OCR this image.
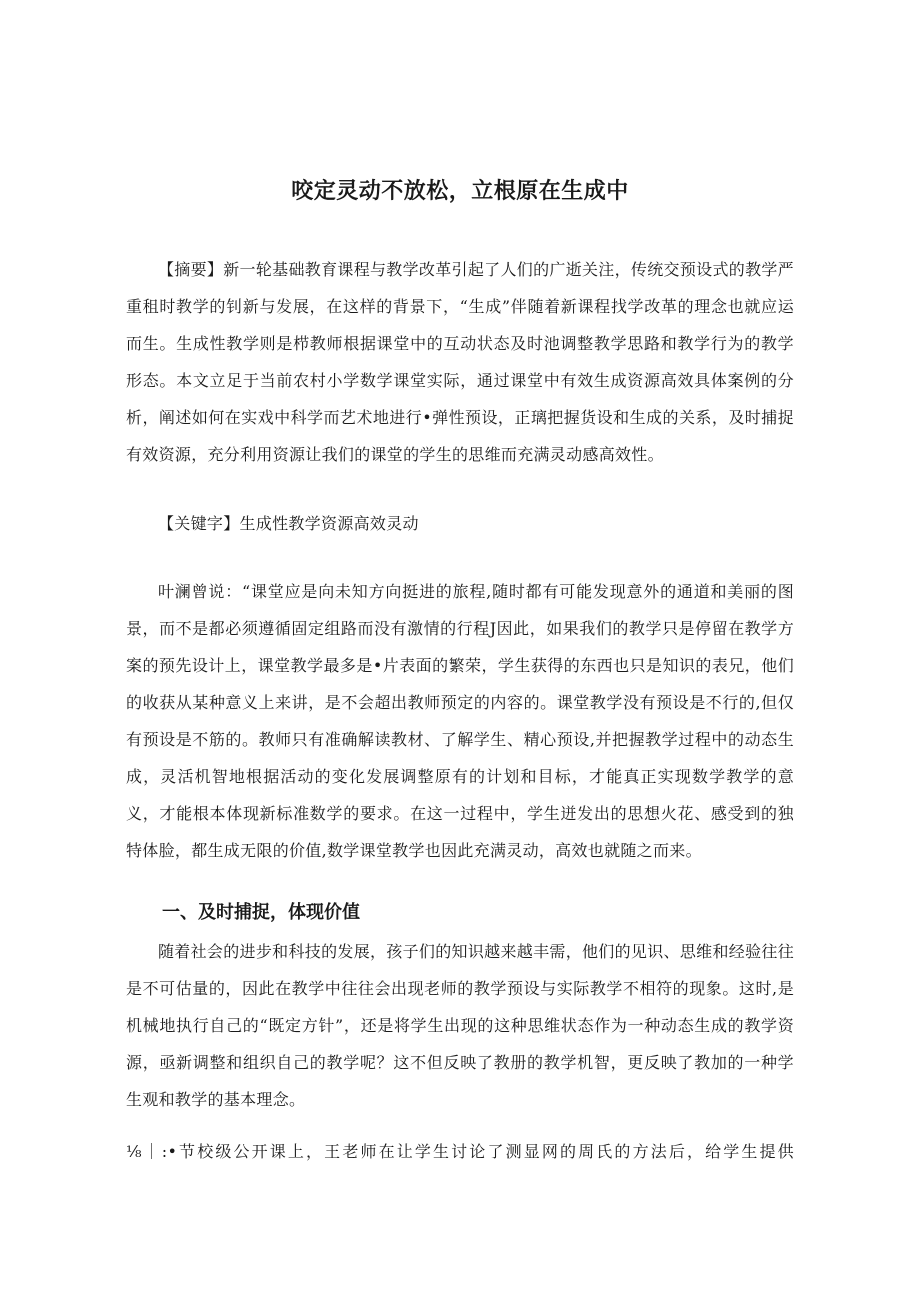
咬定灵动不放松，立根原在生成中

【摘要】新一轮基础教育课程与教学改革引起了人们的广逝关注，传统交预设式的教学严重租时教学的钊新与发展，在这样的背景下，“生成”伴随着新课程找学改革的理念也就应运而生。生成性教学则是栉教师根据课堂中的互动状态及时池调整教学思路和教学行为的教学形态。本文立足于当前农村小学数学课堂实际，通过课堂中有效生成资源高效具体案例的分析，阐述如何在实戏中科学而艺术地进行•弹性预设，正璃把握货设和生成的关系，及时捕捉有效资源，充分利用资源让我们的课堂的学生的思维而充满灵动感高效性。

【关键字】生成性教学资源高效灵动

叶澜曾说：“课堂应是向未知方向挺进的旅程,随时都有可能发现意外的通道和美丽的图景，而不是都必须遵循固定组路而没有激情的行程J因此，如果我们的教学只是停留在教学方案的预先设计上，课堂教学最多是•片表面的繁荣，学生获得的东西也只是知识的表兄，他们的收获从某种意义上来讲，是不会超出教师预定的内容的。课堂教学没有预设是不行的,但仅有预设是不筋的。教师只有准确解读教材、了解学生、精心预设,并把握教学过程中的动态生成，灵活机智地根据活动的变化发展调整原有的计划和目标，才能真正实现数学教学的意义，才能根本体现新标准数学的要求。在这一过程中，学生迸发出的思想火花、感受到的独特体脸，都生成无限的价值,数学课堂教学也因此充满灵动，高效也就随之而来。

一、及时捕捉，体现价值

随着社会的进步和科技的发展，孩子们的知识越来越丰需，他们的见识、思维和经验往往是不可估量的，因此在教学中往往会出现老师的教学预设与实际教学不相符的现象。这时,是机械地执行自己的“既定方针”，还是将学生出现的这种思维状态作为一种动态生成的教学资源，亟新调整和组织自己的教学呢？这不但反映了教册的教学机智，更反映了教加的一种学生观和教学的基本理念。

⅛｜:•节校级公开课上，王老师在让学生讨论了测显网的周氏的方法后，给学生提供
